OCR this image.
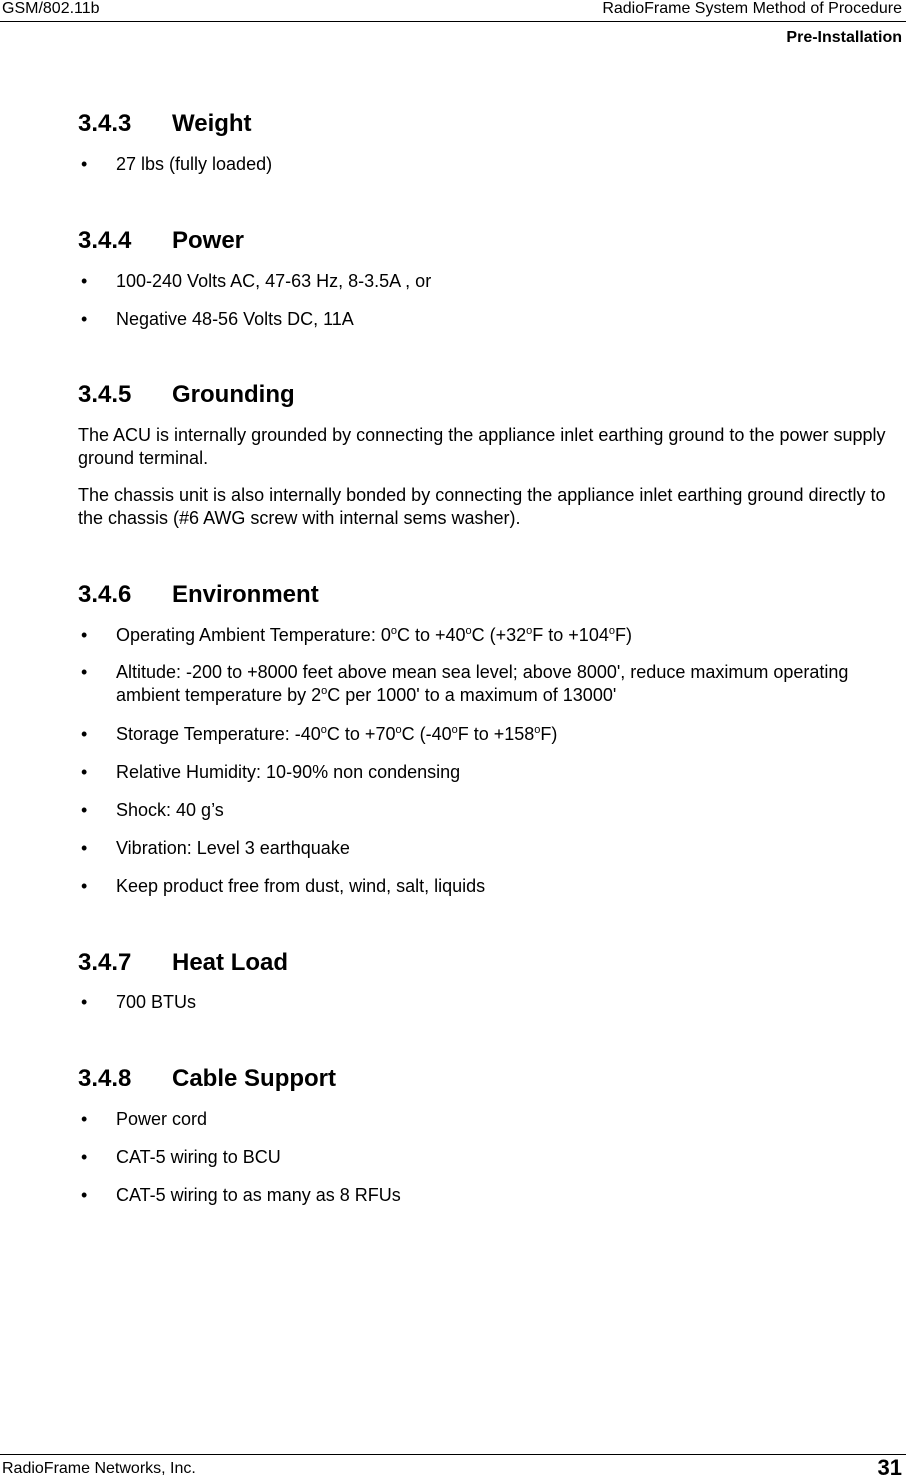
GSM/802.11b	RadioFrame System Method of Procedure
Pre-Installation
3.4.3 Weight
• 27 lbs (fully loaded)
3.4.4 Power
• 100-240 Volts AC, 47-63 Hz, 8-3.5A , or
• Negative 48-56 Volts DC, 11A
3.4.5 Grounding
The ACU is internally grounded by connecting the appliance inlet earthing ground to the power supply ground terminal.
The chassis unit is also internally bonded by connecting the appliance inlet earthing ground directly to the chassis (#6 AWG screw with internal sems washer).
3.4.6 Environment
• Operating Ambient Temperature: 0$^o$C to $+40^oC$ ($+32^oF$ to $+104^oF$)
• Altitude: -200 to +8000 feet above mean sea level; above 8000', reduce maximum operating ambient temperature by 2$^o$C per 1000' to a maximum of 13000'
• Storage Temperature: -40$^o$C to $+70^oC$ (-40$^o$F to $+158^oF$)
• Relative Humidity: 10-90% non condensing
• Shock: 40 g’s
• Vibration: Level 3 earthquake
• Keep product free from dust, wind, salt, liquids
3.4.7 Heat Load
• 700 BTUs
3.4.8 Cable Support
• Power cord
• CAT-5 wiring to BCU
• CAT-5 wiring to as many as 8 RFUs
RadioFrame Networks, Inc.	31
